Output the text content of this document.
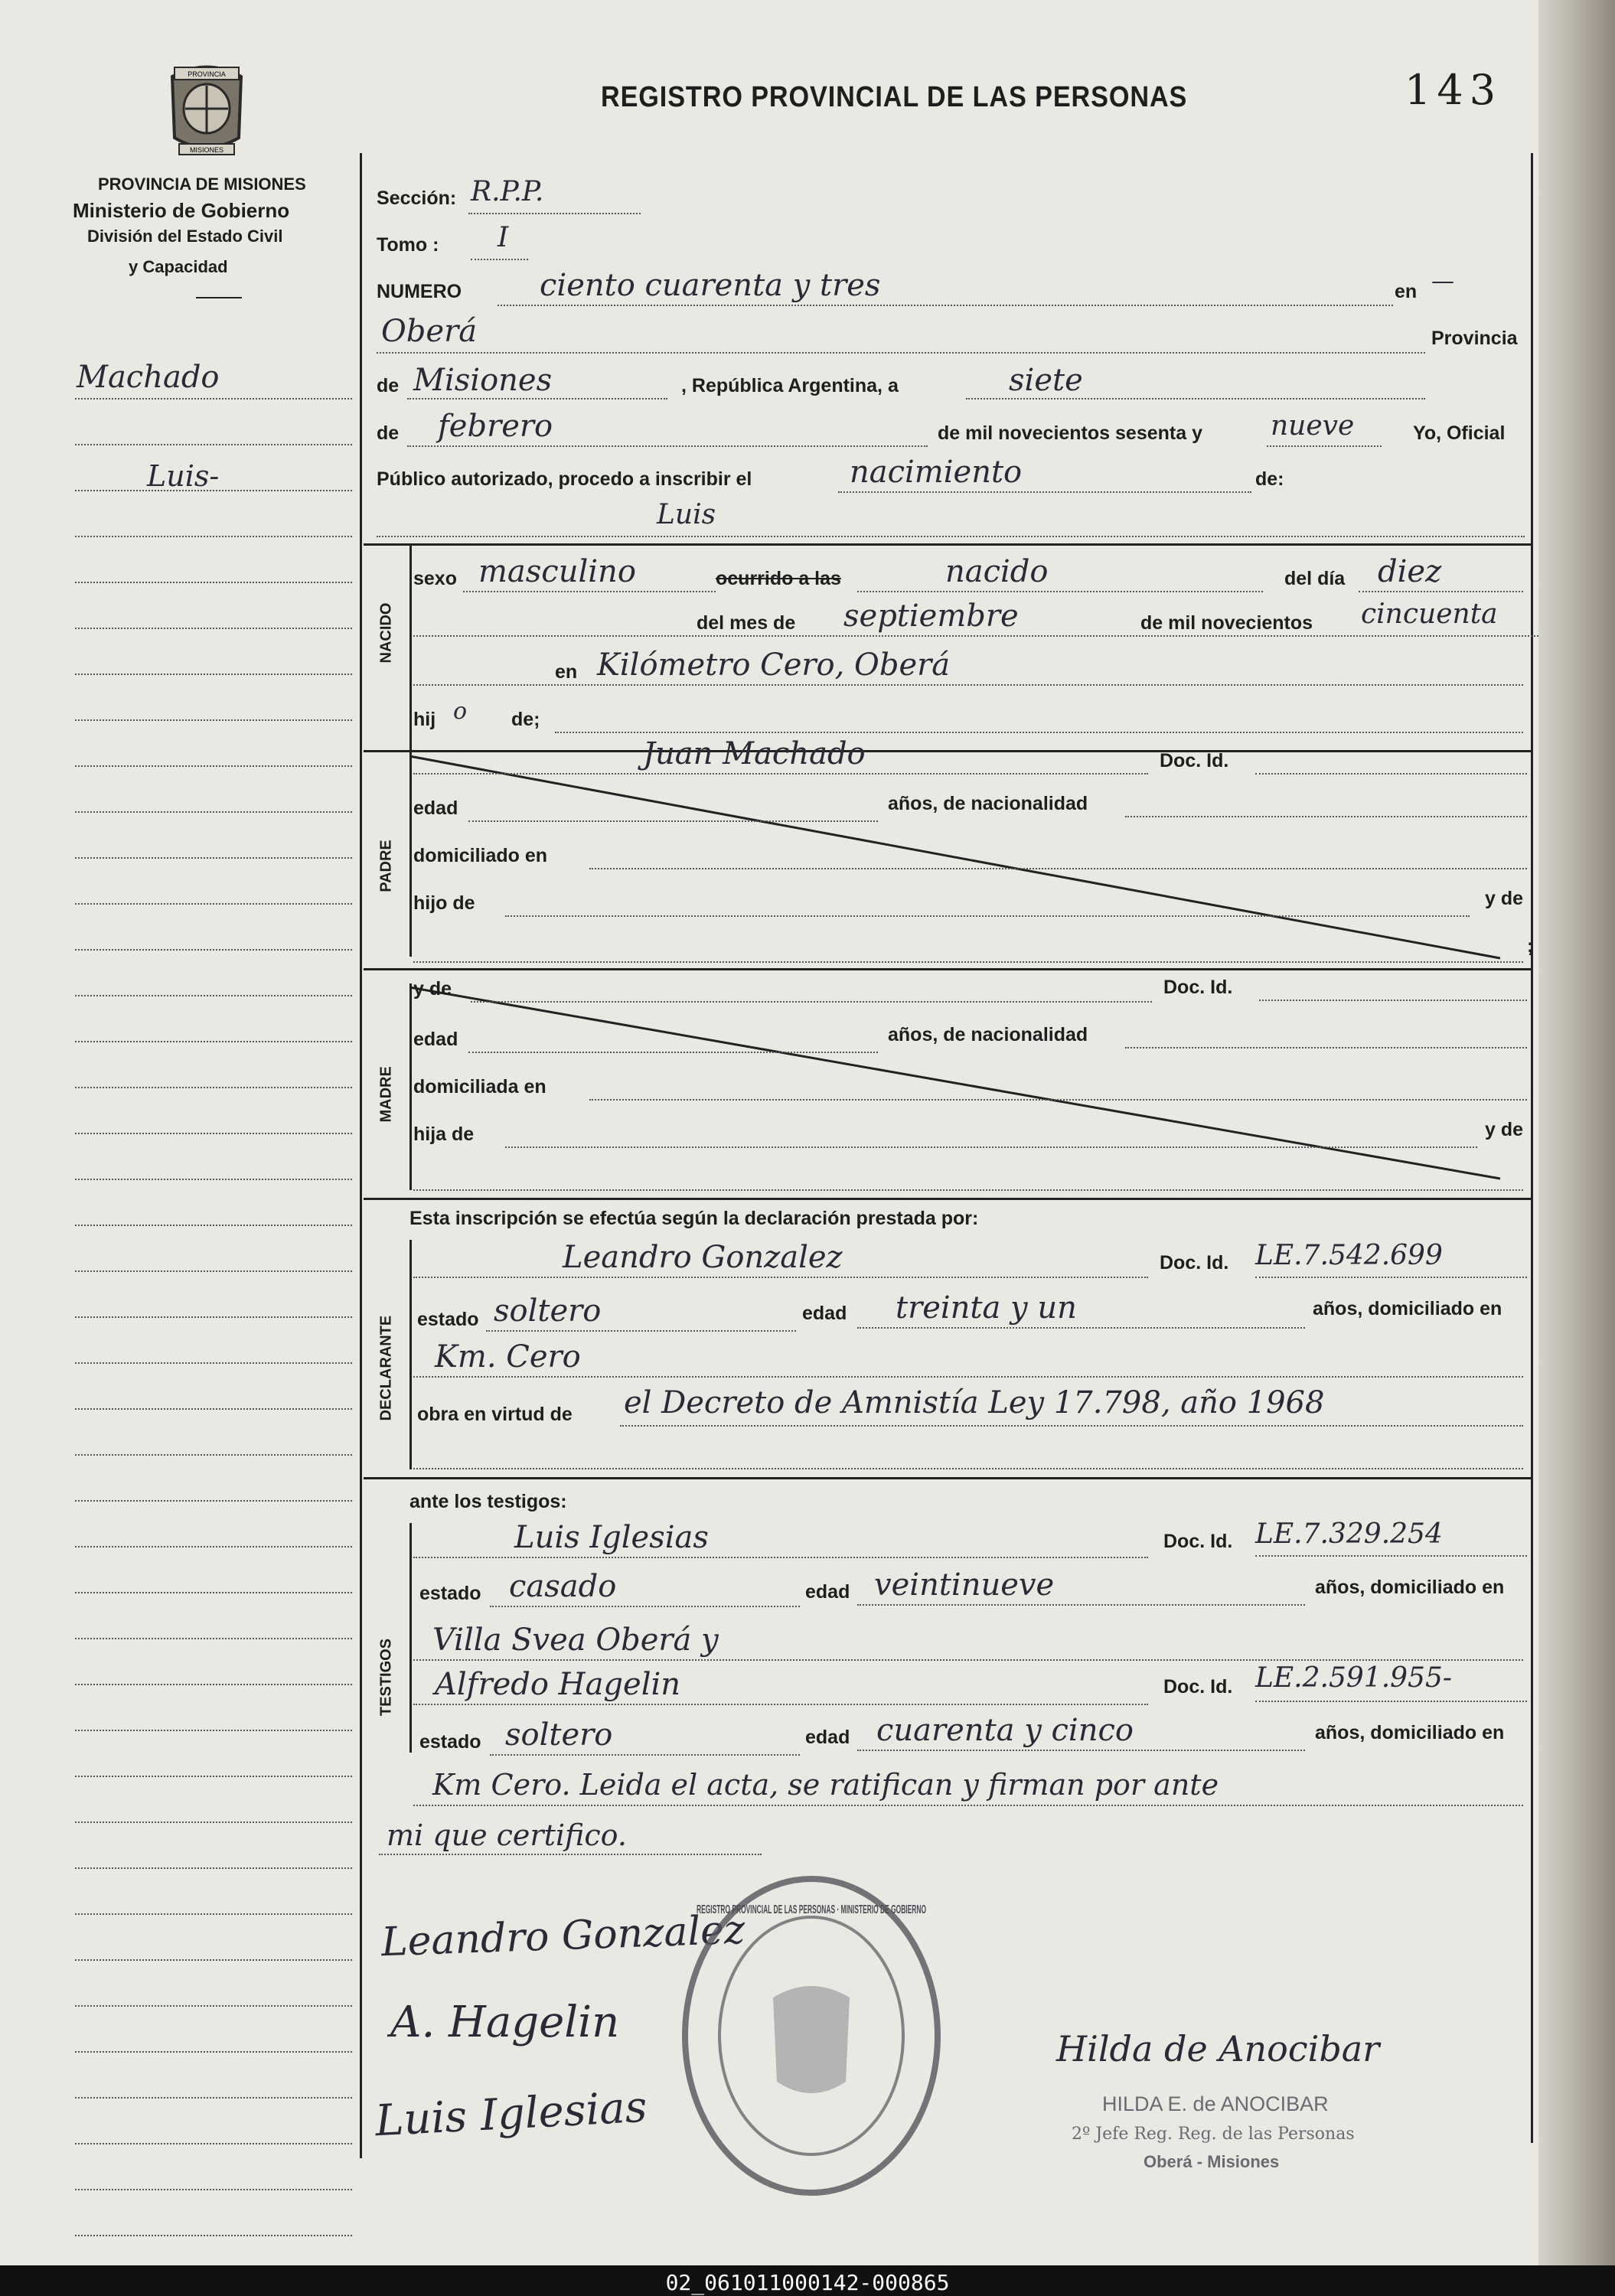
PROVINCIA
MISIONES
REGISTRO PROVINCIAL DE LAS PERSONAS	143
PROVINCIA DE MISIONES
Ministerio de Gobierno
División del Estado Civil
y Capacidad
Machado
Luis-
Sección: R.P.P.
Tomo : I
NUMERO	ciento cuarenta y tres	en —
Oberá	Provincia
de Misiones	, República Argentina, a	siete
de febrero	de mil novecientos sesenta y nueve	Yo, Oficial
Público autorizado, procedo a inscribir el	nacimiento	de:
Luis
NACIDO
sexo masculino	ocurrido a las	nacido	del día diez
del mes de septiembre	de mil novecientos cincuenta
en Kilómetro Cero, Oberá
hij o de;
PADRE
Juan Machado	Doc. Id.
edad	años, de nacionalidad
domiciliado en
hijo de	y de
;
MADRE
y de	Doc. Id.
edad	años, de nacionalidad
domiciliada en
hija de	y de
Esta inscripción se efectúa según la declaración prestada por:
DECLARANTE
Leandro Gonzalez	Doc. Id. LE.7.542.699
estado soltero	edad treinta y un	años, domiciliado en
Km. Cero
obra en virtud de el Decreto de Amnistía Ley 17.798, año 1968
ante los testigos:
TESTIGOS
Luis Iglesias	Doc. Id. LE.7.329.254
estado casado	edad veintinueve	años, domiciliado en
Villa Svea Oberá y
Alfredo Hagelin	Doc. Id. LE.2.591.955-
estado soltero	edad cuarenta y cinco	años, domiciliado en
Km Cero. Leida el acta, se ratifican y firman por ante
mi que certifico.
Leandro Gonzalez
A. Hagelin
Luis Iglesias
Hilda de Anocibar
REGISTRO PROVINCIAL DE LAS PERSONAS · MINISTERIO DE GOBIERNO
HILDA E. de ANOCIBAR
2º Jefe Reg. Reg. de las Personas
Oberá - Misiones
02_061011000142-000865
